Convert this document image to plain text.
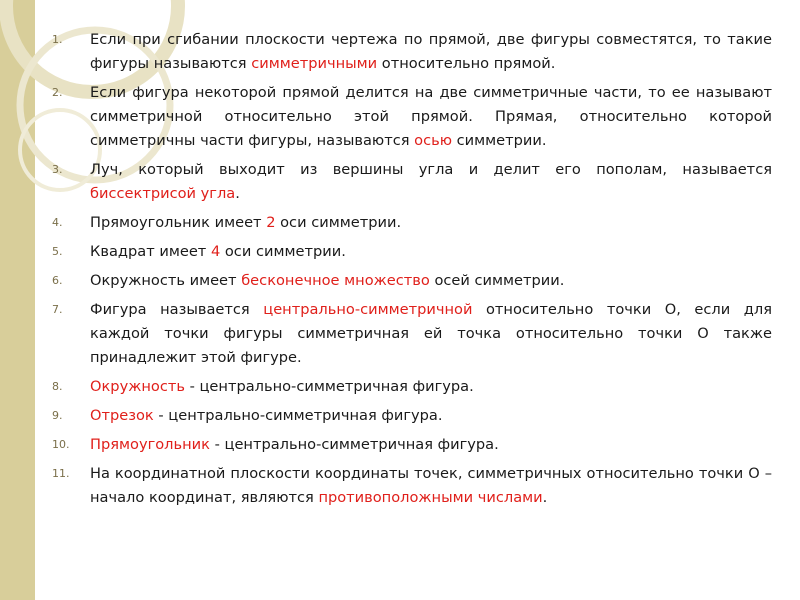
1.	Если при сгибании плоскости чертежа по прямой, две фигуры совместятся, то такие фигуры называются симметричными относительно прямой.
2.	Если фигура некоторой прямой делится на две симметричные части, то ее называют симметричной относительно этой прямой. Прямая, относительно которой симметричны части фигуры, называются осью симметрии.
3.	Луч, который выходит из вершины угла и делит его пополам, называется биссектрисой угла.
4.	Прямоугольник имеет 2 оси симметрии.
5.	Квадрат имеет 4 оси симметрии.
6.	Окружность имеет бесконечное множество осей симметрии.
7.	Фигура называется центрально-симметричной относительно точки О, если для каждой точки фигуры симметричная ей точка относительно точки О также принадлежит этой фигуре.
8.	Окружность - центрально-симметричная фигура.
9.	Отрезок - центрально-симметричная фигура.
10.	Прямоугольник - центрально-симметричная фигура.
11.	На координатной плоскости координаты точек, симметричных относительно точки О – начало координат, являются противоположными числами.
